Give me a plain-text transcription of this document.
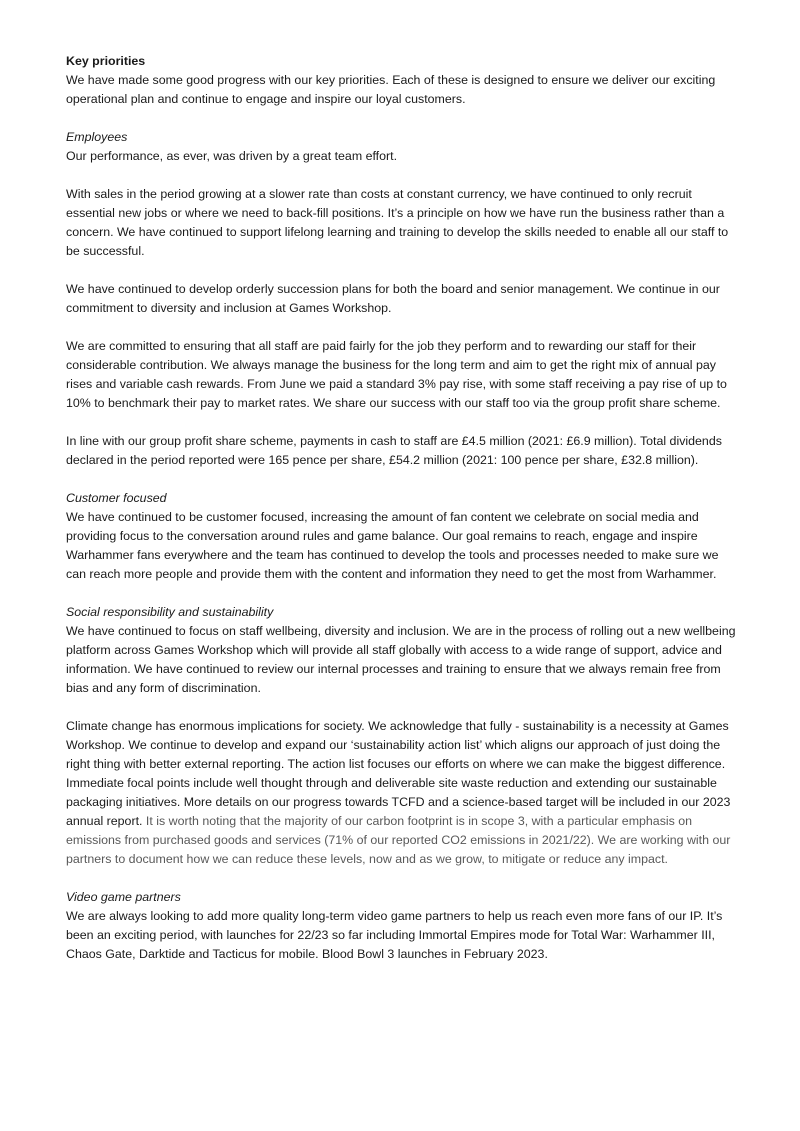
Key priorities

We have made some good progress with our key priorities. Each of these is designed to ensure we deliver our exciting operational plan and continue to engage and inspire our loyal customers.

Employees

Our performance, as ever, was driven by a great team effort.

With sales in the period growing at a slower rate than costs at constant currency, we have continued to only recruit essential new jobs or where we need to back-fill positions. It’s a principle on how we have run the business rather than a concern. We have continued to support lifelong learning and training to develop the skills needed to enable all our staff to be successful.

We have continued to develop orderly succession plans for both the board and senior management. We continue in our commitment to diversity and inclusion at Games Workshop.

We are committed to ensuring that all staff are paid fairly for the job they perform and to rewarding our staff for their considerable contribution. We always manage the business for the long term and aim to get the right mix of annual pay rises and variable cash rewards. From June we paid a standard 3% pay rise, with some staff receiving a pay rise of up to 10% to benchmark their pay to market rates. We share our success with our staff too via the group profit share scheme.

In line with our group profit share scheme, payments in cash to staff are £4.5 million (2021: £6.9 million). Total dividends declared in the period reported were 165 pence per share, £54.2 million (2021: 100 pence per share, £32.8 million).

Customer focused

We have continued to be customer focused, increasing the amount of fan content we celebrate on social media and providing focus to the conversation around rules and game balance. Our goal remains to reach, engage and inspire Warhammer fans everywhere and the team has continued to develop the tools and processes needed to make sure we can reach more people and provide them with the content and information they need to get the most from Warhammer.

Social responsibility and sustainability

We have continued to focus on staff wellbeing, diversity and inclusion. We are in the process of rolling out a new wellbeing platform across Games Workshop which will provide all staff globally with access to a wide range of support, advice and information. We have continued to review our internal processes and training to ensure that we always remain free from bias and any form of discrimination.

Climate change has enormous implications for society. We acknowledge that fully - sustainability is a necessity at Games Workshop. We continue to develop and expand our ‘sustainability action list’ which aligns our approach of just doing the right thing with better external reporting. The action list focuses our efforts on where we can make the biggest difference. Immediate focal points include well thought through and deliverable site waste reduction and extending our sustainable packaging initiatives. More details on our progress towards TCFD and a science-based target will be included in our 2023 annual report. It is worth noting that the majority of our carbon footprint is in scope 3, with a particular emphasis on emissions from purchased goods and services (71% of our reported CO2 emissions in 2021/22). We are working with our partners to document how we can reduce these levels, now and as we grow, to mitigate or reduce any impact.

Video game partners

We are always looking to add more quality long-term video game partners to help us reach even more fans of our IP. It’s been an exciting period, with launches for 22/23 so far including Immortal Empires mode for Total War: Warhammer III, Chaos Gate, Darktide and Tacticus for mobile. Blood Bowl 3 launches in February 2023.
